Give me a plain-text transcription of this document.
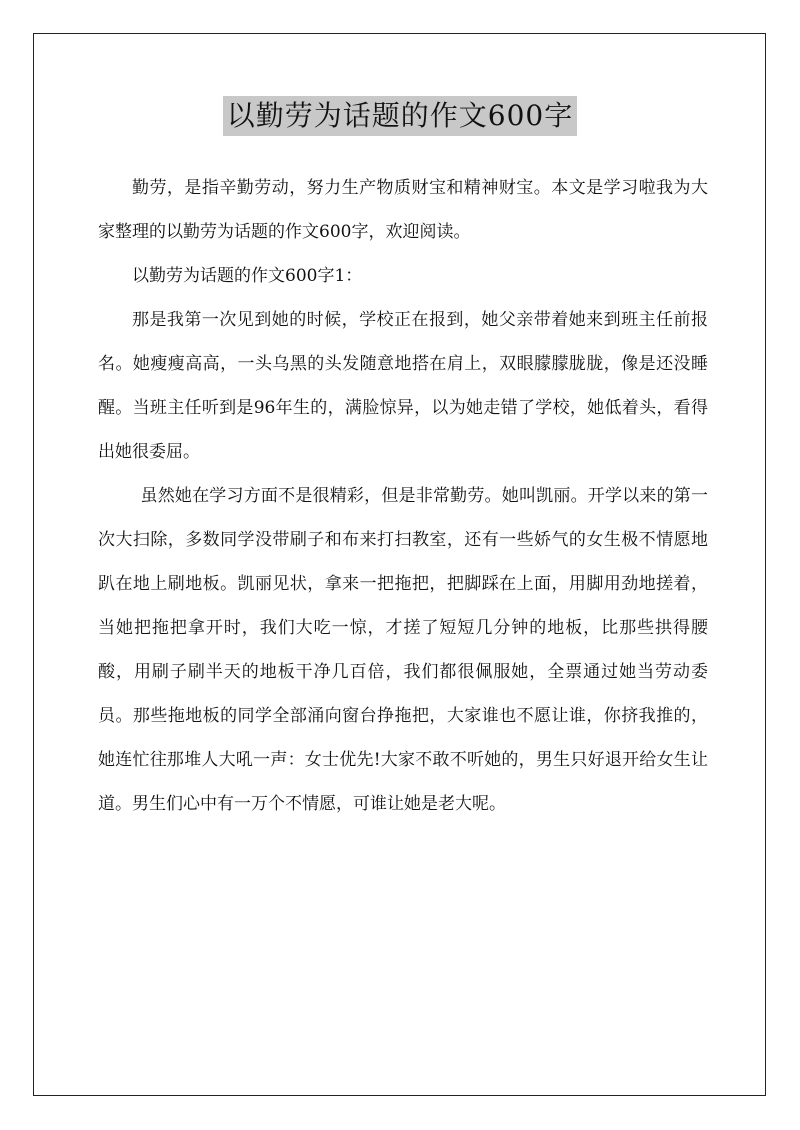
以勤劳为话题的作文600字

勤劳，是指辛勤劳动，努力生产物质财宝和精神财宝。本文是学习啦我为大家整理的以勤劳为话题的作文600字，欢迎阅读。

以勤劳为话题的作文600字1：

那是我第一次见到她的时候，学校正在报到，她父亲带着她来到班主任前报名。她瘦瘦高高，一头乌黑的头发随意地搭在肩上，双眼朦朦胧胧，像是还没睡醒。当班主任听到是96年生的，满脸惊异，以为她走错了学校，她低着头，看得出她很委屈。

虽然她在学习方面不是很精彩，但是非常勤劳。她叫凯丽。开学以来的第一次大扫除，多数同学没带刷子和布来打扫教室，还有一些娇气的女生极不情愿地趴在地上刷地板。凯丽见状，拿来一把拖把，把脚踩在上面，用脚用劲地搓着，当她把拖把拿开时，我们大吃一惊，才搓了短短几分钟的地板，比那些拱得腰酸，用刷子刷半天的地板干净几百倍，我们都很佩服她，全票通过她当劳动委员。那些拖地板的同学全部涌向窗台挣拖把，大家谁也不愿让谁，你挤我推的，她连忙往那堆人大吼一声：女士优先!大家不敢不听她的，男生只好退开给女生让道。男生们心中有一万个不情愿，可谁让她是老大呢。
